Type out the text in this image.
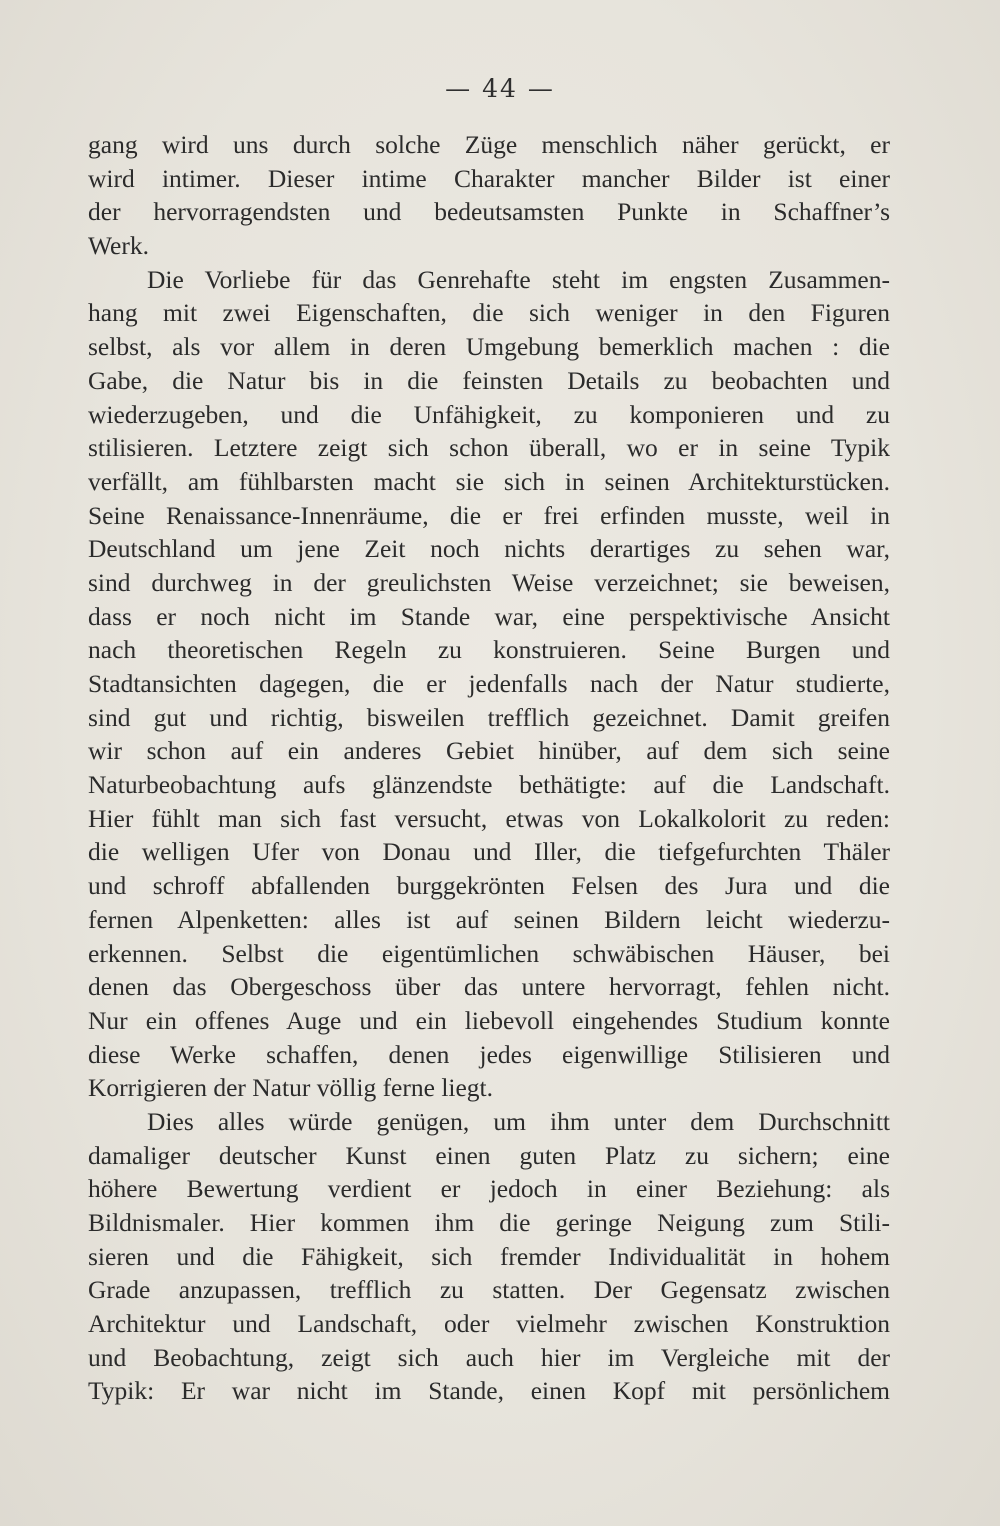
— 44 —
gang wird uns durch solche Züge menschlich näher gerückt, er
wird intimer. Dieser intime Charakter mancher Bilder ist einer
der hervorragendsten und bedeutsamsten Punkte in Schaffner’s
Werk.
Die Vorliebe für das Genrehafte steht im engsten Zusammen-
hang mit zwei Eigenschaften, die sich weniger in den Figuren
selbst, als vor allem in deren Umgebung bemerklich machen : die
Gabe, die Natur bis in die feinsten Details zu beobachten und
wiederzugeben, und die Unfähigkeit, zu komponieren und zu
stilisieren. Letztere zeigt sich schon überall, wo er in seine Typik
verfällt, am fühlbarsten macht sie sich in seinen Architekturstücken.
Seine Renaissance-Innenräume, die er frei erfinden musste, weil in
Deutschland um jene Zeit noch nichts derartiges zu sehen war,
sind durchweg in der greulichsten Weise verzeichnet; sie beweisen,
dass er noch nicht im Stande war, eine perspektivische Ansicht
nach theoretischen Regeln zu konstruieren. Seine Burgen und
Stadtansichten dagegen, die er jedenfalls nach der Natur studierte,
sind gut und richtig, bisweilen trefflich gezeichnet. Damit greifen
wir schon auf ein anderes Gebiet hinüber, auf dem sich seine
Naturbeobachtung aufs glänzendste bethätigte: auf die Landschaft.
Hier fühlt man sich fast versucht, etwas von Lokalkolorit zu reden:
die welligen Ufer von Donau und Iller, die tiefgefurchten Thäler
und schroff abfallenden burggekrönten Felsen des Jura und die
fernen Alpenketten: alles ist auf seinen Bildern leicht wiederzu-
erkennen. Selbst die eigentümlichen schwäbischen Häuser, bei
denen das Obergeschoss über das untere hervorragt, fehlen nicht.
Nur ein offenes Auge und ein liebevoll eingehendes Studium konnte
diese Werke schaffen, denen jedes eigenwillige Stilisieren und
Korrigieren der Natur völlig ferne liegt.
Dies alles würde genügen, um ihm unter dem Durchschnitt
damaliger deutscher Kunst einen guten Platz zu sichern; eine
höhere Bewertung verdient er jedoch in einer Beziehung: als
Bildnismaler. Hier kommen ihm die geringe Neigung zum Stili-
sieren und die Fähigkeit, sich fremder Individualität in hohem
Grade anzupassen, trefflich zu statten. Der Gegensatz zwischen
Architektur und Landschaft, oder vielmehr zwischen Konstruktion
und Beobachtung, zeigt sich auch hier im Vergleiche mit der
Typik: Er war nicht im Stande, einen Kopf mit persönlichem
